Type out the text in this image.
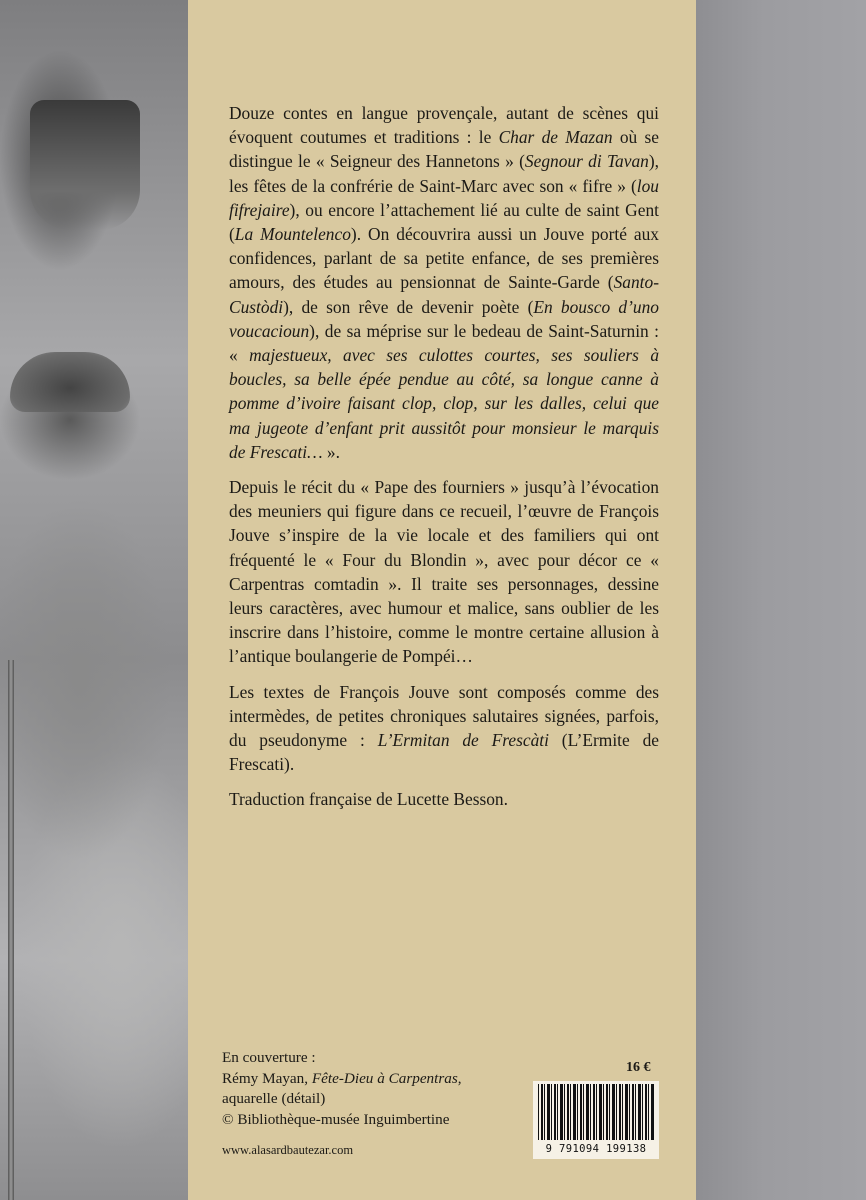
Douze contes en langue provençale, autant de scènes qui évoquent coutumes et traditions : le Char de Mazan où se distingue le « Seigneur des Hannetons » (Segnour di Tavan), les fêtes de la confrérie de Saint-Marc avec son « fifre » (lou fifrejaire), ou encore l’attachement lié au culte de saint Gent (La Mountelenco). On découvrira aussi un Jouve porté aux confidences, parlant de sa petite enfance, de ses premières amours, des études au pensionnat de Sainte-Garde (Santo-Custòdi), de son rêve de devenir poète (En bousco d’uno voucacioun), de sa méprise sur le bedeau de Saint-Saturnin : « majestueux, avec ses culottes courtes, ses souliers à boucles, sa belle épée pendue au côté, sa longue canne à pomme d’ivoire faisant clop, clop, sur les dalles, celui que ma jugeote d’enfant prit aussitôt pour monsieur le marquis de Frescati… ».

Depuis le récit du « Pape des fourniers » jusqu’à l’évocation des meuniers qui figure dans ce recueil, l’œuvre de François Jouve s’inspire de la vie locale et des familiers qui ont fréquenté le « Four du Blondin », avec pour décor ce « Carpentras comtadin ». Il traite ses personnages, dessine leurs caractères, avec humour et malice, sans oublier de les inscrire dans l’histoire, comme le montre certaine allusion à l’antique boulangerie de Pompéi…

Les textes de François Jouve sont composés comme des intermèdes, de petites chroniques salutaires signées, parfois, du pseudonyme : L’Ermitan de Frescàti (L’Ermite de Frescati).

Traduction française de Lucette Besson.

En couverture :
Rémy Mayan, Fête-Dieu à Carpentras,
aquarelle (détail)
© Bibliothèque-musée Inguimbertine
www.alasardbautezar.com
16 €
9 791094 199138
